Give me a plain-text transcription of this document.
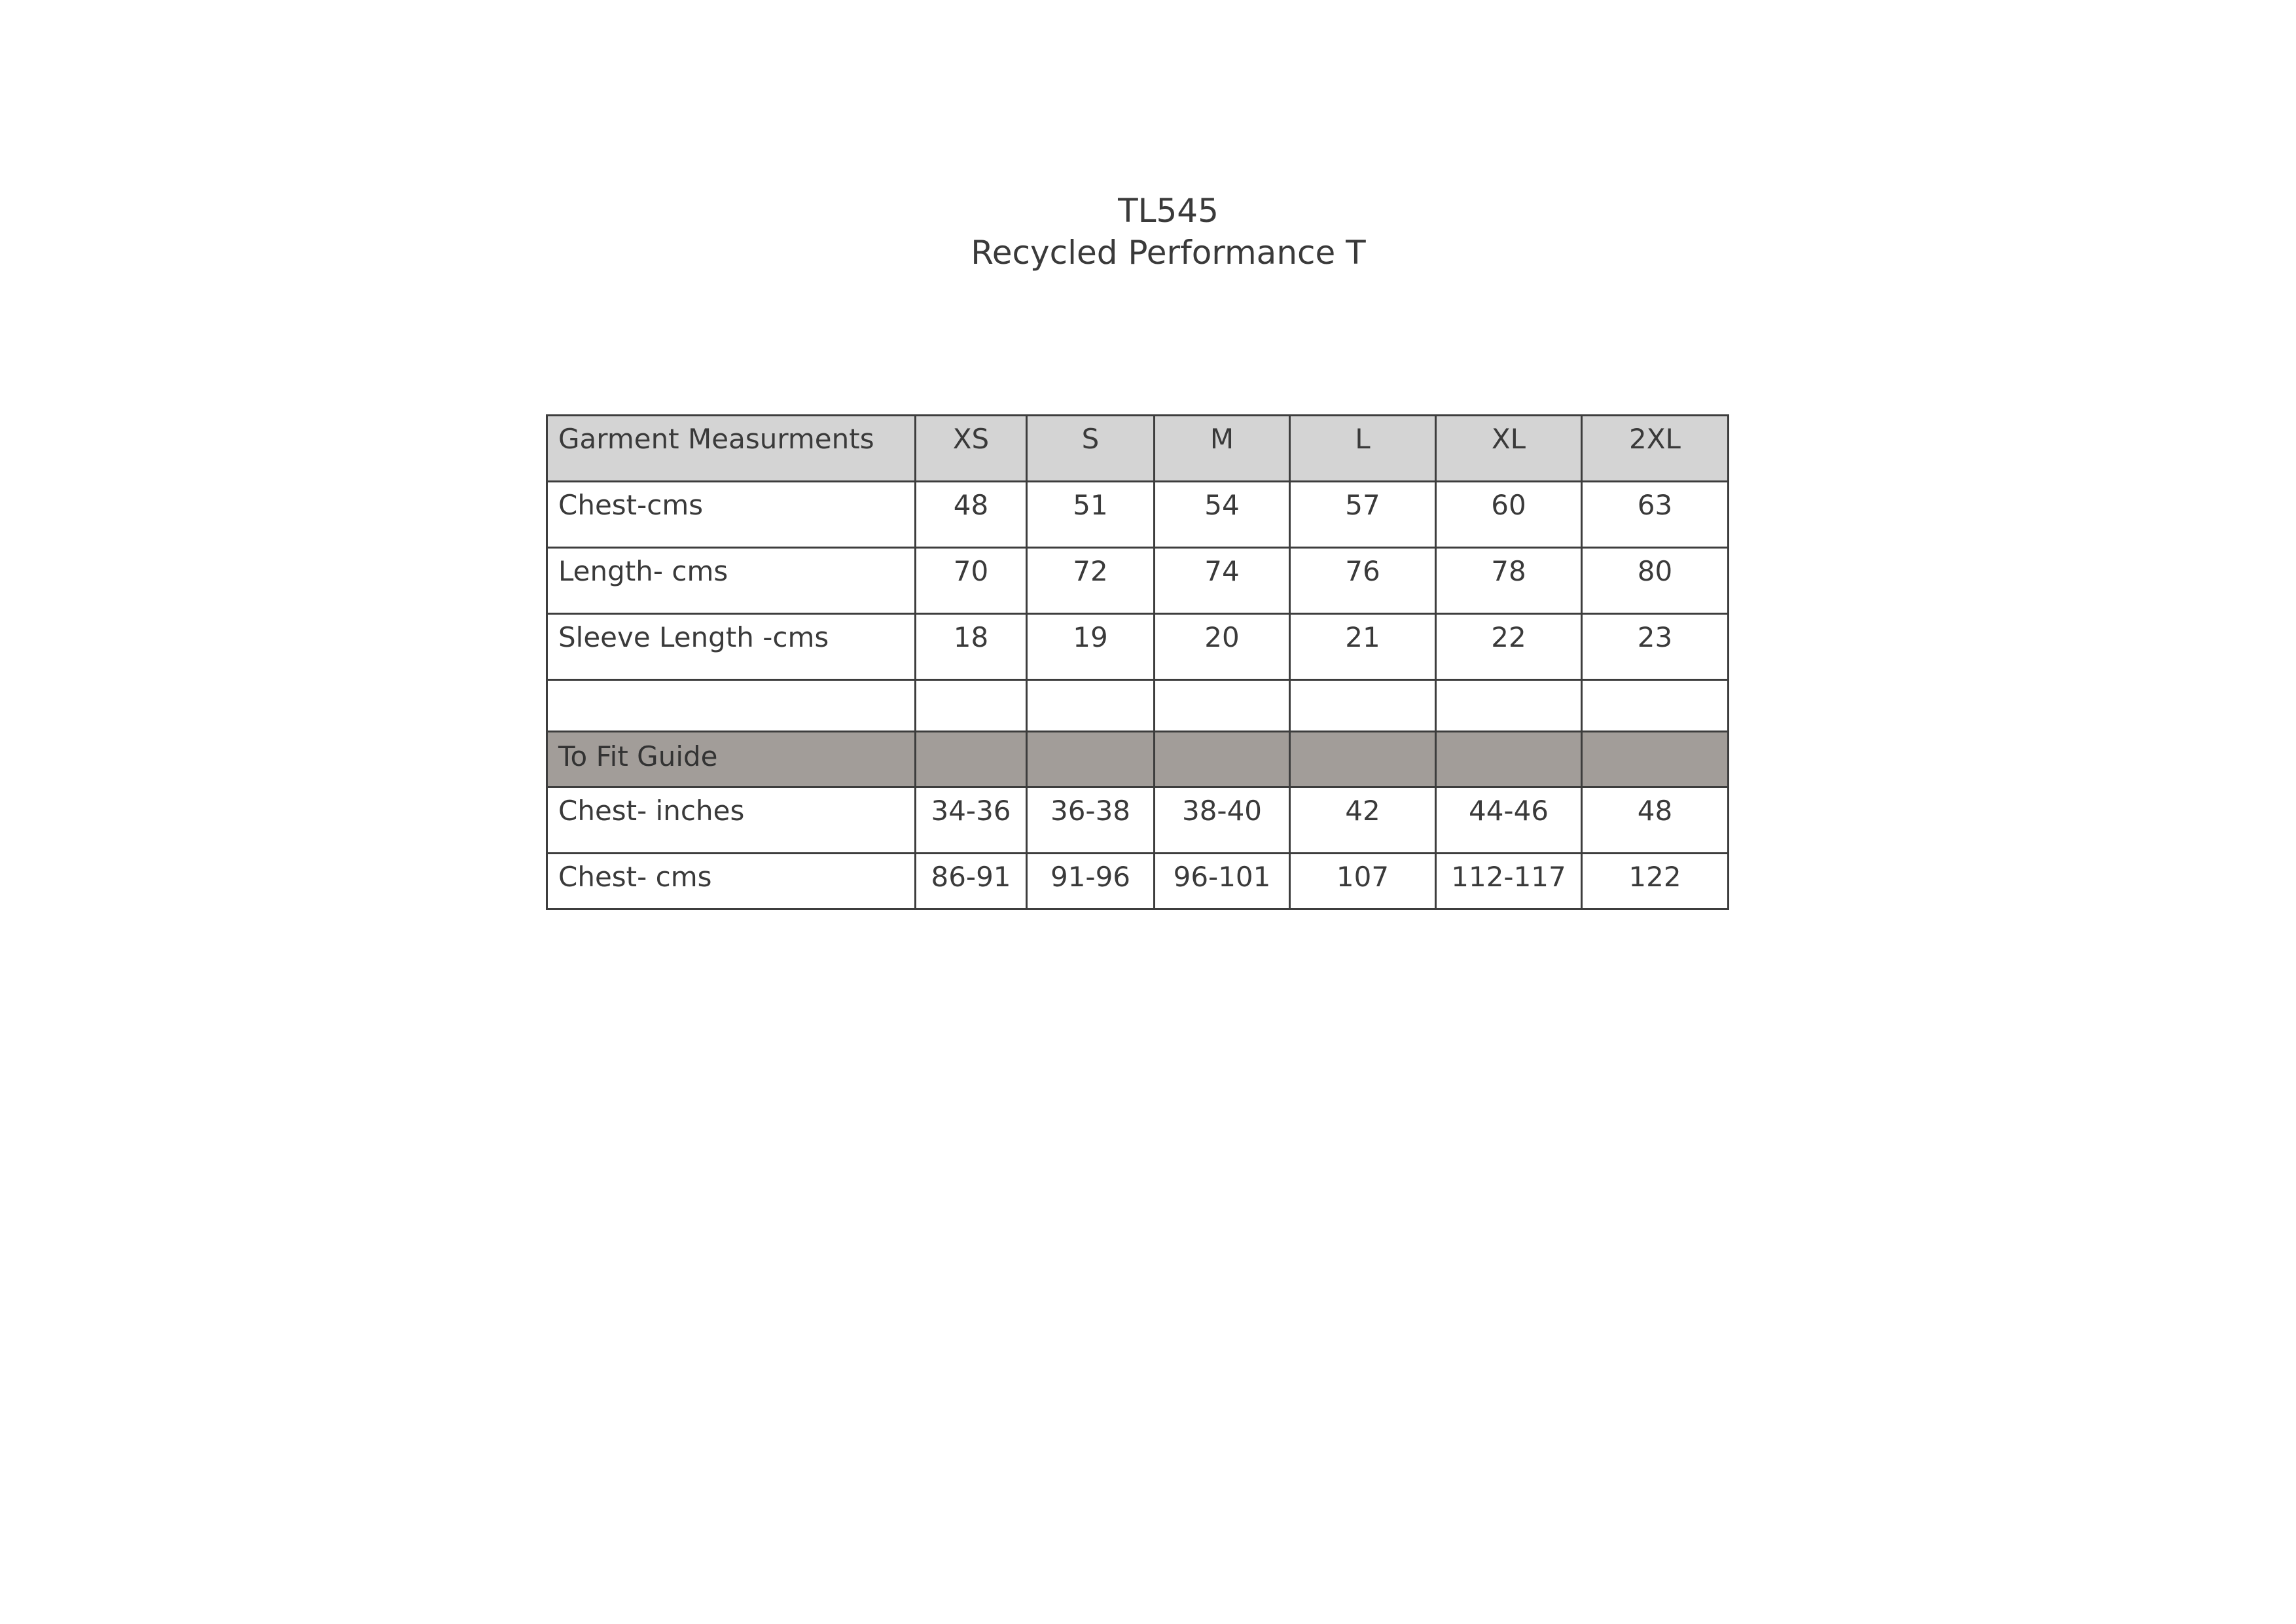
TL545
Recycled Performance T
Garment Measurments	XS	S	M	L	XL	2XL
Chest-cms	48	51	54	57	60	63
Length- cms	70	72	74	76	78	80
Sleeve Length -cms	18	19	20	21	22	23

To Fit Guide						
Chest- inches	34-36	36-38	38-40	42	44-46	48
Chest- cms	86-91	91-96	96-101	107	112-117	122
